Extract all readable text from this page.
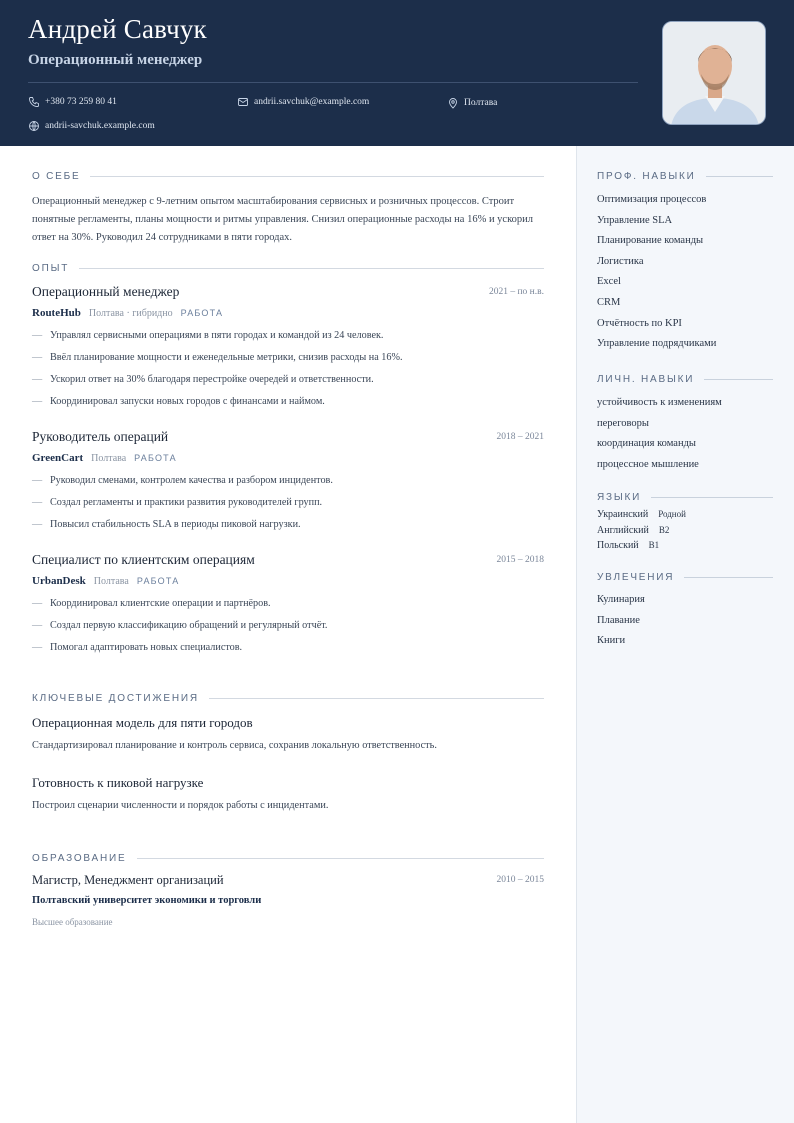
Андрей Савчук
Операционный менеджер
+380 73 259 80 41	andrii.savchuk@example.com	Полтава
andrii-savchuk.example.com
ПРОФ. НАВЫКИ
Оптимизация процессов
Управление SLA
Планирование команды
Логистика
Excel
CRM
Отчётность по KPI
Управление подрядчиками
ЛИЧН. НАВЫКИ
устойчивость к изменениям
переговоры
координация команды
процессное мышление
ЯЗЫКИ
Украинский Родной
Английский B2
Польский B1
УВЛЕЧЕНИЯ
Кулинария
Плавание
Книги
О СЕБЕ

Операционный менеджер с 9-летним опытом масштабирования сервисных и розничных процессов. Строит понятные регламенты, планы мощности и ритмы управления. Снизил операционные расходы на 16% и ускорил ответ на 30%. Руководил 24 сотрудниками в пяти городах.

ОПЫТ
Операционный менеджер	2021 – по н.в.
RouteHub Полтава · гибридно РАБОТА
— Управлял сервисными операциями в пяти городах и командой из 24 человек.
— Ввёл планирование мощности и еженедельные метрики, снизив расходы на 16%.
— Ускорил ответ на 30% благодаря перестройке очередей и ответственности.
— Координировал запуски новых городов с финансами и наймом.
Руководитель операций	2018 – 2021
GreenCart Полтава РАБОТА
— Руководил сменами, контролем качества и разбором инцидентов.
— Создал регламенты и практики развития руководителей групп.
— Повысил стабильность SLA в периоды пиковой нагрузки.
Специалист по клиентским операциям	2015 – 2018
UrbanDesk Полтава РАБОТА
— Координировал клиентские операции и партнёров.
— Создал первую классификацию обращений и регулярный отчёт.
— Помогал адаптировать новых специалистов.
КЛЮЧЕВЫЕ ДОСТИЖЕНИЯ
Операционная модель для пяти городов
Стандартизировал планирование и контроль сервиса, сохранив локальную ответственность.
Готовность к пиковой нагрузке
Построил сценарии численности и порядок работы с инцидентами.
ОБРАЗОВАНИЕ
Магистр, Менеджмент организаций	2010 – 2015
Полтавский университет экономики и торговли
Высшее образование
